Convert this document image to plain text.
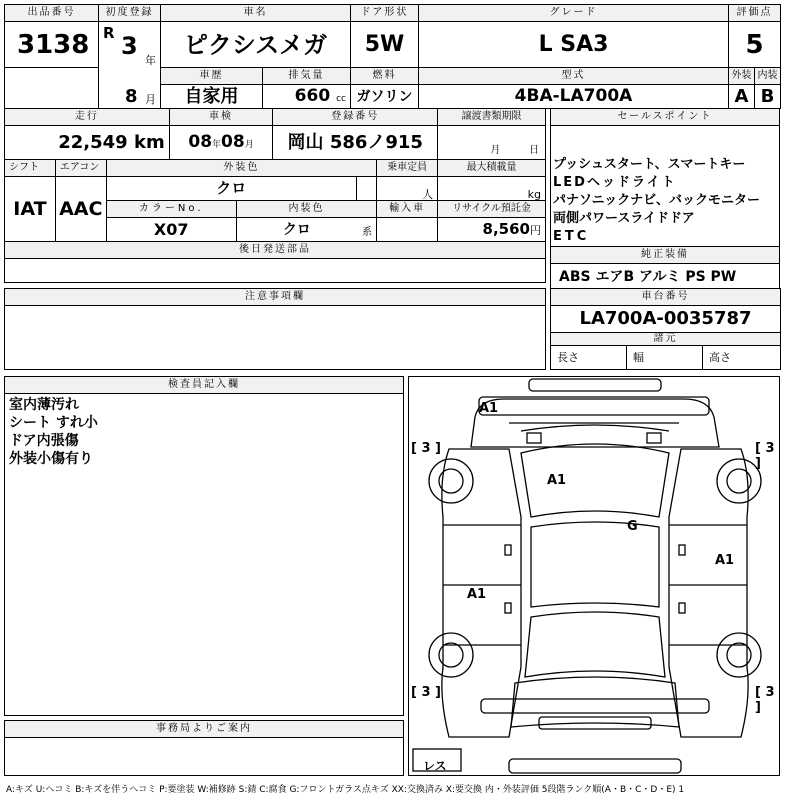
出品番号	初度登録	車名		ドア形状	グレード	評価点	
3138	R 3 年	ピクシスメガ		5W	L SA3	5	
		車歴	排気量	燃料	型式	外装	内装

	8 月	自家用	660 cc	ガソリン	4BA-LA700A	A	B
走行			車検		登録番号			譲渡書類期限
22,549 km			08年08月		岡山 586ノ915			月 日
シフト	エアコン	外装色					乗車定員	最大積載量
IAT	AAC	クロ					人	kg
		カラーNo.		内装色			輸入車	リサイクル預託金
		X07		クロ 系				8,560円
後日発送部品								

セールスポイント

プッシュスタート、スマートキー
LEDヘッドライト
パナソニックナビ、バックモニター
両側パワースライドドア
ETC

純正装備
ABS エアB アルミ PS PW
注意事項欄	車台番号
LA700A-0035787
諸元
長さ	幅	高さ
検査員記入欄

室内薄汚れ
シート すれ小
ドア内張傷
外装小傷有り
事務局よりご案内

A1
A1
G
A1
A1
[ 3 ]	[ 3 ]
[ 3 ]	[ 3 ]
レス
A:キズ U:ヘコミ B:キズを伴うヘコミ P:要塗装 W:補修跡 S:錆 C:腐食 G:フロントガラス点キズ XX:交換済み X:要交換 内・外装評価 5段階ランク順(A・B・C・D・E) 1
